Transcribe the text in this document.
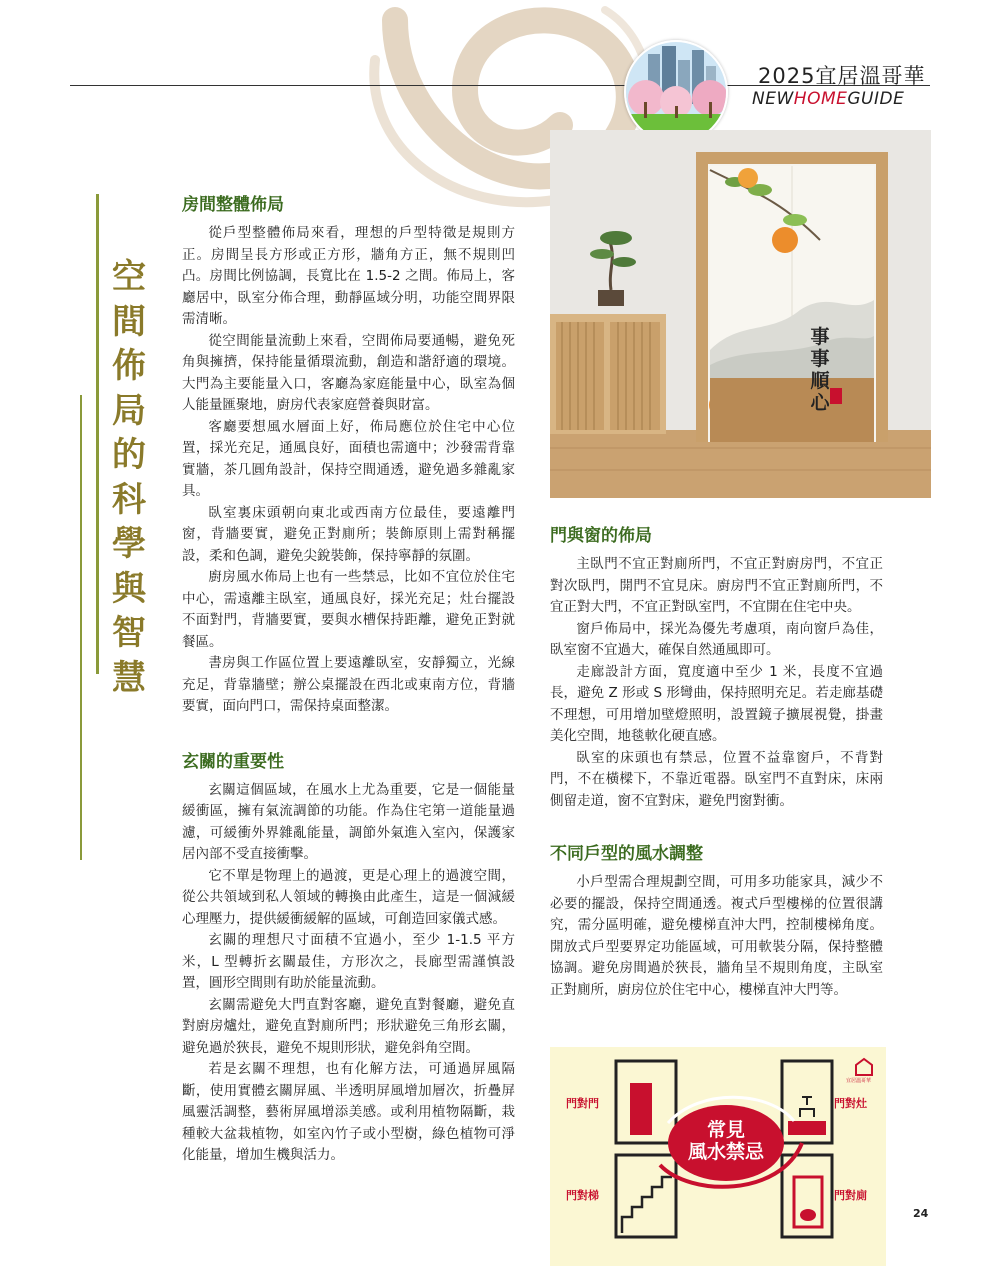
2025宜居溫哥華
NEWHOMEGUIDE
空
間
佈
局
的
科
學
與
智
慧
房間整體佈局

從戶型整體佈局來看，理想的戶型特徵是規則方正。房間呈長方形或正方形，牆角方正，無不規則凹凸。房間比例協調，長寬比在 1.5-2 之間。佈局上，客廳居中，臥室分佈合理，動靜區域分明，功能空間界限需清晰。

從空間能量流動上來看，空間佈局要通暢，避免死角與擁擠，保持能量循環流動，創造和諧舒適的環境。大門為主要能量入口，客廳為家庭能量中心，臥室為個人能量匯聚地，廚房代表家庭營養與財富。

客廳要想風水層面上好，佈局應位於住宅中心位置，採光充足，通風良好，面積也需適中；沙發需背靠實牆，茶几圓角設計，保持空間通透，避免過多雜亂家具。

臥室裏床頭朝向東北或西南方位最佳，要遠離門窗，背牆要實，避免正對廁所；裝飾原則上需對稱擺設，柔和色調，避免尖銳裝飾，保持寧靜的氛圍。

廚房風水佈局上也有一些禁忌，比如不宜位於住宅中心，需遠離主臥室，通風良好，採光充足；灶台擺設不面對門，背牆要實，要與水槽保持距離，避免正對就餐區。

書房與工作區位置上要遠離臥室，安靜獨立，光線充足，背靠牆壁；辦公桌擺設在西北或東南方位，背牆要實，面向門口，需保持桌面整潔。

玄關的重要性

玄關這個區域，在風水上尤為重要，它是一個能量緩衝區，擁有氣流調節的功能。作為住宅第一道能量過濾，可緩衝外界雜亂能量，調節外氣進入室內，保護家居內部不受直接衝擊。

它不單是物理上的過渡，更是心理上的過渡空間，從公共領域到私人領域的轉換由此產生，這是一個減緩心理壓力，提供緩衝緩解的區域，可創造回家儀式感。

玄關的理想尺寸面積不宜過小，至少 1-1.5 平方米，L 型轉折玄關最佳，方形次之，長廊型需謹慎設置，圓形空間則有助於能量流動。

玄關需避免大門直對客廳，避免直對餐廳，避免直對廚房爐灶，避免直對廁所門；形狀避免三角形玄關，避免過於狹長，避免不規則形狀，避免斜角空間。

若是玄關不理想，也有化解方法，可通過屏風隔斷，使用實體玄關屏風、半透明屏風增加層次，折疊屏風靈活調整，藝術屏風增添美感。或利用植物隔斷，栽種較大盆栽植物，如室內竹子或小型樹，綠色植物可淨化能量，增加生機與活力。

事
事
順
心
門與窗的佈局

主臥門不宜正對廁所門，不宜正對廚房門，不宜正對次臥門，開門不宜見床。廚房門不宜正對廁所門，不宜正對大門，不宜正對臥室門，不宜開在住宅中央。

窗戶佈局中，採光為優先考慮項，南向窗戶為佳，臥室窗不宜過大，確保自然通風即可。

走廊設計方面，寬度適中至少 1 米，長度不宜過長，避免 Z 形或 S 形彎曲，保持照明充足。若走廊基礎不理想，可用增加壁燈照明，設置鏡子擴展視覺，掛畫美化空間，地毯軟化硬直感。

臥室的床頭也有禁忌，位置不益靠窗戶，不背對門，不在橫樑下，不靠近電器。臥室門不直對床，床兩側留走道，窗不宜對床，避免門窗對衝。

不同戶型的風水調整

小戶型需合理規劃空間，可用多功能家具，減少不必要的擺設，保持空間通透。複式戶型樓梯的位置很講究，需分區明確，避免樓梯直沖大門，控制樓梯角度。開放式戶型要界定功能區域，可用軟裝分隔，保持整體協調。避免房間過於狹長，牆角呈不規則角度，主臥室正對廁所，廚房位於住宅中心，樓梯直沖大門等。

門對門	門對灶
門對梯	門對廁
常見
風水禁忌
宜居溫哥華
24
